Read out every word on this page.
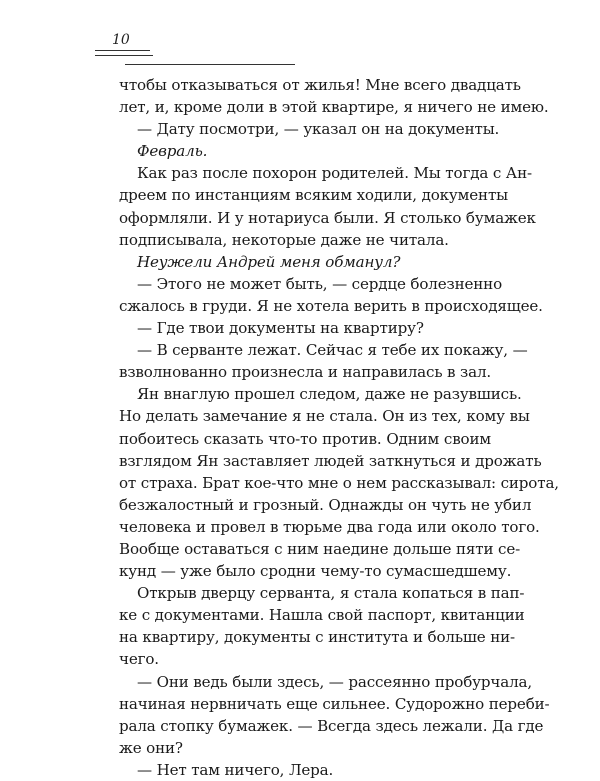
10
чтобы отказываться от жилья! Мне всего двадцать
лет, и, кроме доли в этой квартире, я ничего не имею.
— Дату посмотри, — указал он на документы.
Февраль.
Как раз после похорон родителей. Мы тогда с Ан-
дреем по инстанциям всяким ходили, документы
оформляли. И у нотариуса были. Я столько бумажек
подписывала, некоторые даже не читала.
Неужели Андрей меня обманул?
— Этого не может быть, — сердце болезненно
сжалось в груди. Я не хотела верить в происходящее.
— Где твои документы на квартиру?
— В серванте лежат. Сейчас я тебе их покажу, —
взволнованно произнесла и направилась в зал.
Ян внаглую прошел следом, даже не разувшись.
Но делать замечание я не стала. Он из тех, кому вы
побоитесь сказать что-то против. Одним своим
взглядом Ян заставляет людей заткнуться и дрожать
от страха. Брат кое-что мне о нем рассказывал: сирота,
безжалостный и грозный. Однажды он чуть не убил
человека и провел в тюрьме два года или около того.
Вообще оставаться с ним наедине дольше пяти се-
кунд — уже было сродни чему-то сумасшедшему.
Открыв дверцу серванта, я стала копаться в пап-
ке с документами. Нашла свой паспорт, квитанции
на квартиру, документы с института и больше ни-
чего.
— Они ведь были здесь, — рассеянно пробурчала,
начиная нервничать еще сильнее. Судорожно переби-
рала стопку бумажек. — Всегда здесь лежали. Да где
же они?
— Нет там ничего, Лера.
